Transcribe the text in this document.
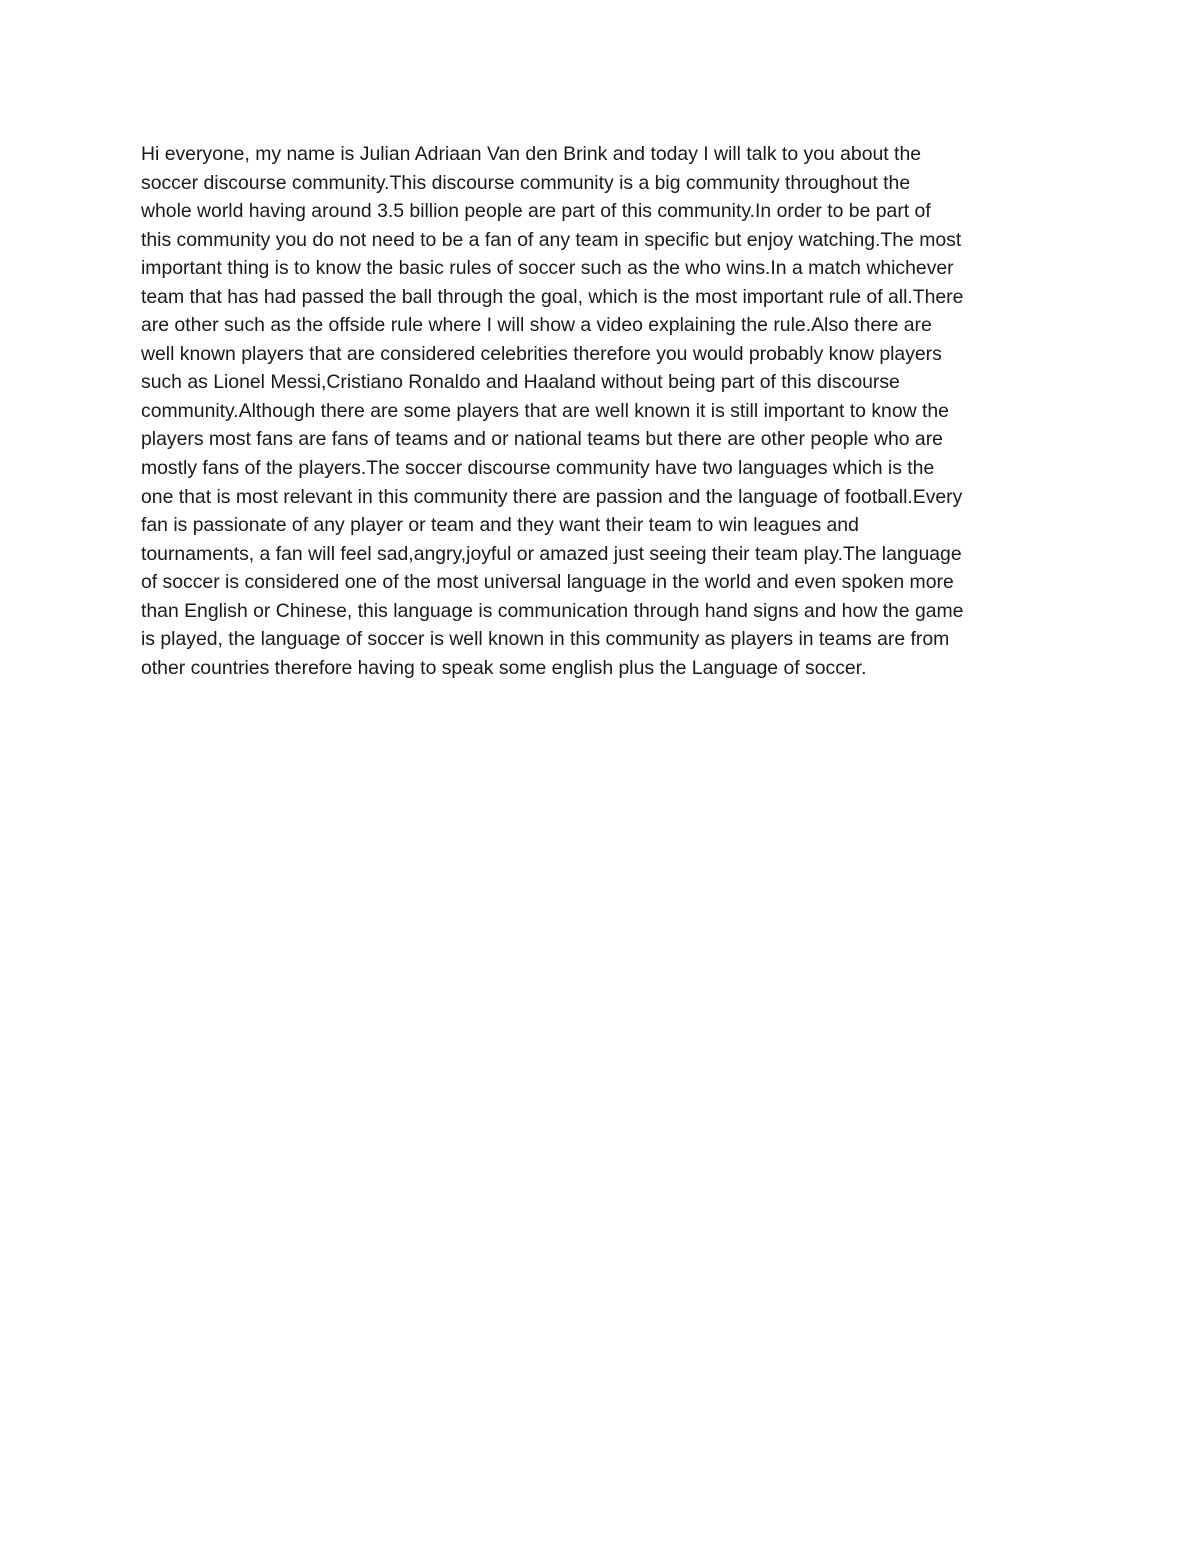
Hi everyone, my name is Julian Adriaan Van den Brink and today I will talk to you about the
soccer discourse community.This discourse community is a big community throughout the
whole world having around 3.5 billion people are part of this community.In order to be part of
this community you do not need to be a fan of any team in specific but enjoy watching.The most
important thing is to know the basic rules of soccer such as the who wins.In a match whichever
team that has had passed the ball through the goal, which is the most important rule of all.There
are other such as the offside rule where I will show a video explaining the rule.Also there are
well known players that are considered celebrities therefore you would probably know players
such as Lionel Messi,Cristiano Ronaldo and Haaland without being part of this discourse
community.Although there are some players that are well known it is still important to know the
players most fans are fans of teams and or national teams but there are other people who are
mostly fans of the players.The soccer discourse community have two languages which is the
one that is most relevant in this community there are passion and the language of football.Every
fan is passionate of any player or team and they want their team to win leagues and
tournaments, a fan will feel sad,angry,joyful or amazed just seeing their team play.The language
of soccer is considered one of the most universal language in the world and even spoken more
than English or Chinese, this language is communication through hand signs and how the game
is played, the language of soccer is well known in this community as players in teams are from
other countries therefore having to speak some english plus the Language of soccer.
